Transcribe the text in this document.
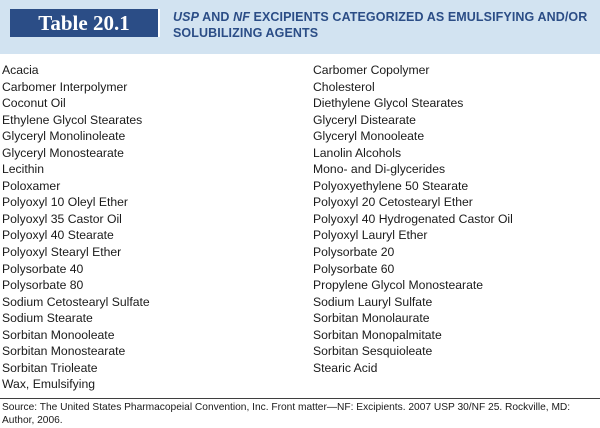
Table 20.1	USP AND NF EXCIPIENTS CATEGORIZED AS EMULSIFYING AND/OR SOLUBILIZING AGENTS
Acacia
Carbomer Interpolymer
Coconut Oil
Ethylene Glycol Stearates
Glyceryl Monolinoleate
Glyceryl Monostearate
Lecithin
Poloxamer
Polyoxyl 10 Oleyl Ether
Polyoxyl 35 Castor Oil
Polyoxyl 40 Stearate
Polyoxyl Stearyl Ether
Polysorbate 40
Polysorbate 80
Sodium Cetostearyl Sulfate
Sodium Stearate
Sorbitan Monooleate
Sorbitan Monostearate
Sorbitan Trioleate
Wax, Emulsifying
Carbomer Copolymer
Cholesterol
Diethylene Glycol Stearates
Glyceryl Distearate
Glyceryl Monooleate
Lanolin Alcohols
Mono- and Di-glycerides
Polyoxyethylene 50 Stearate
Polyoxyl 20 Cetostearyl Ether
Polyoxyl 40 Hydrogenated Castor Oil
Polyoxyl Lauryl Ether
Polysorbate 20
Polysorbate 60
Propylene Glycol Monostearate
Sodium Lauryl Sulfate
Sorbitan Monolaurate
Sorbitan Monopalmitate
Sorbitan Sesquioleate
Stearic Acid
Source: The United States Pharmacopeial Convention, Inc. Front matter—NF: Excipients. 2007 USP 30/NF 25. Rockville, MD: Author, 2006.
